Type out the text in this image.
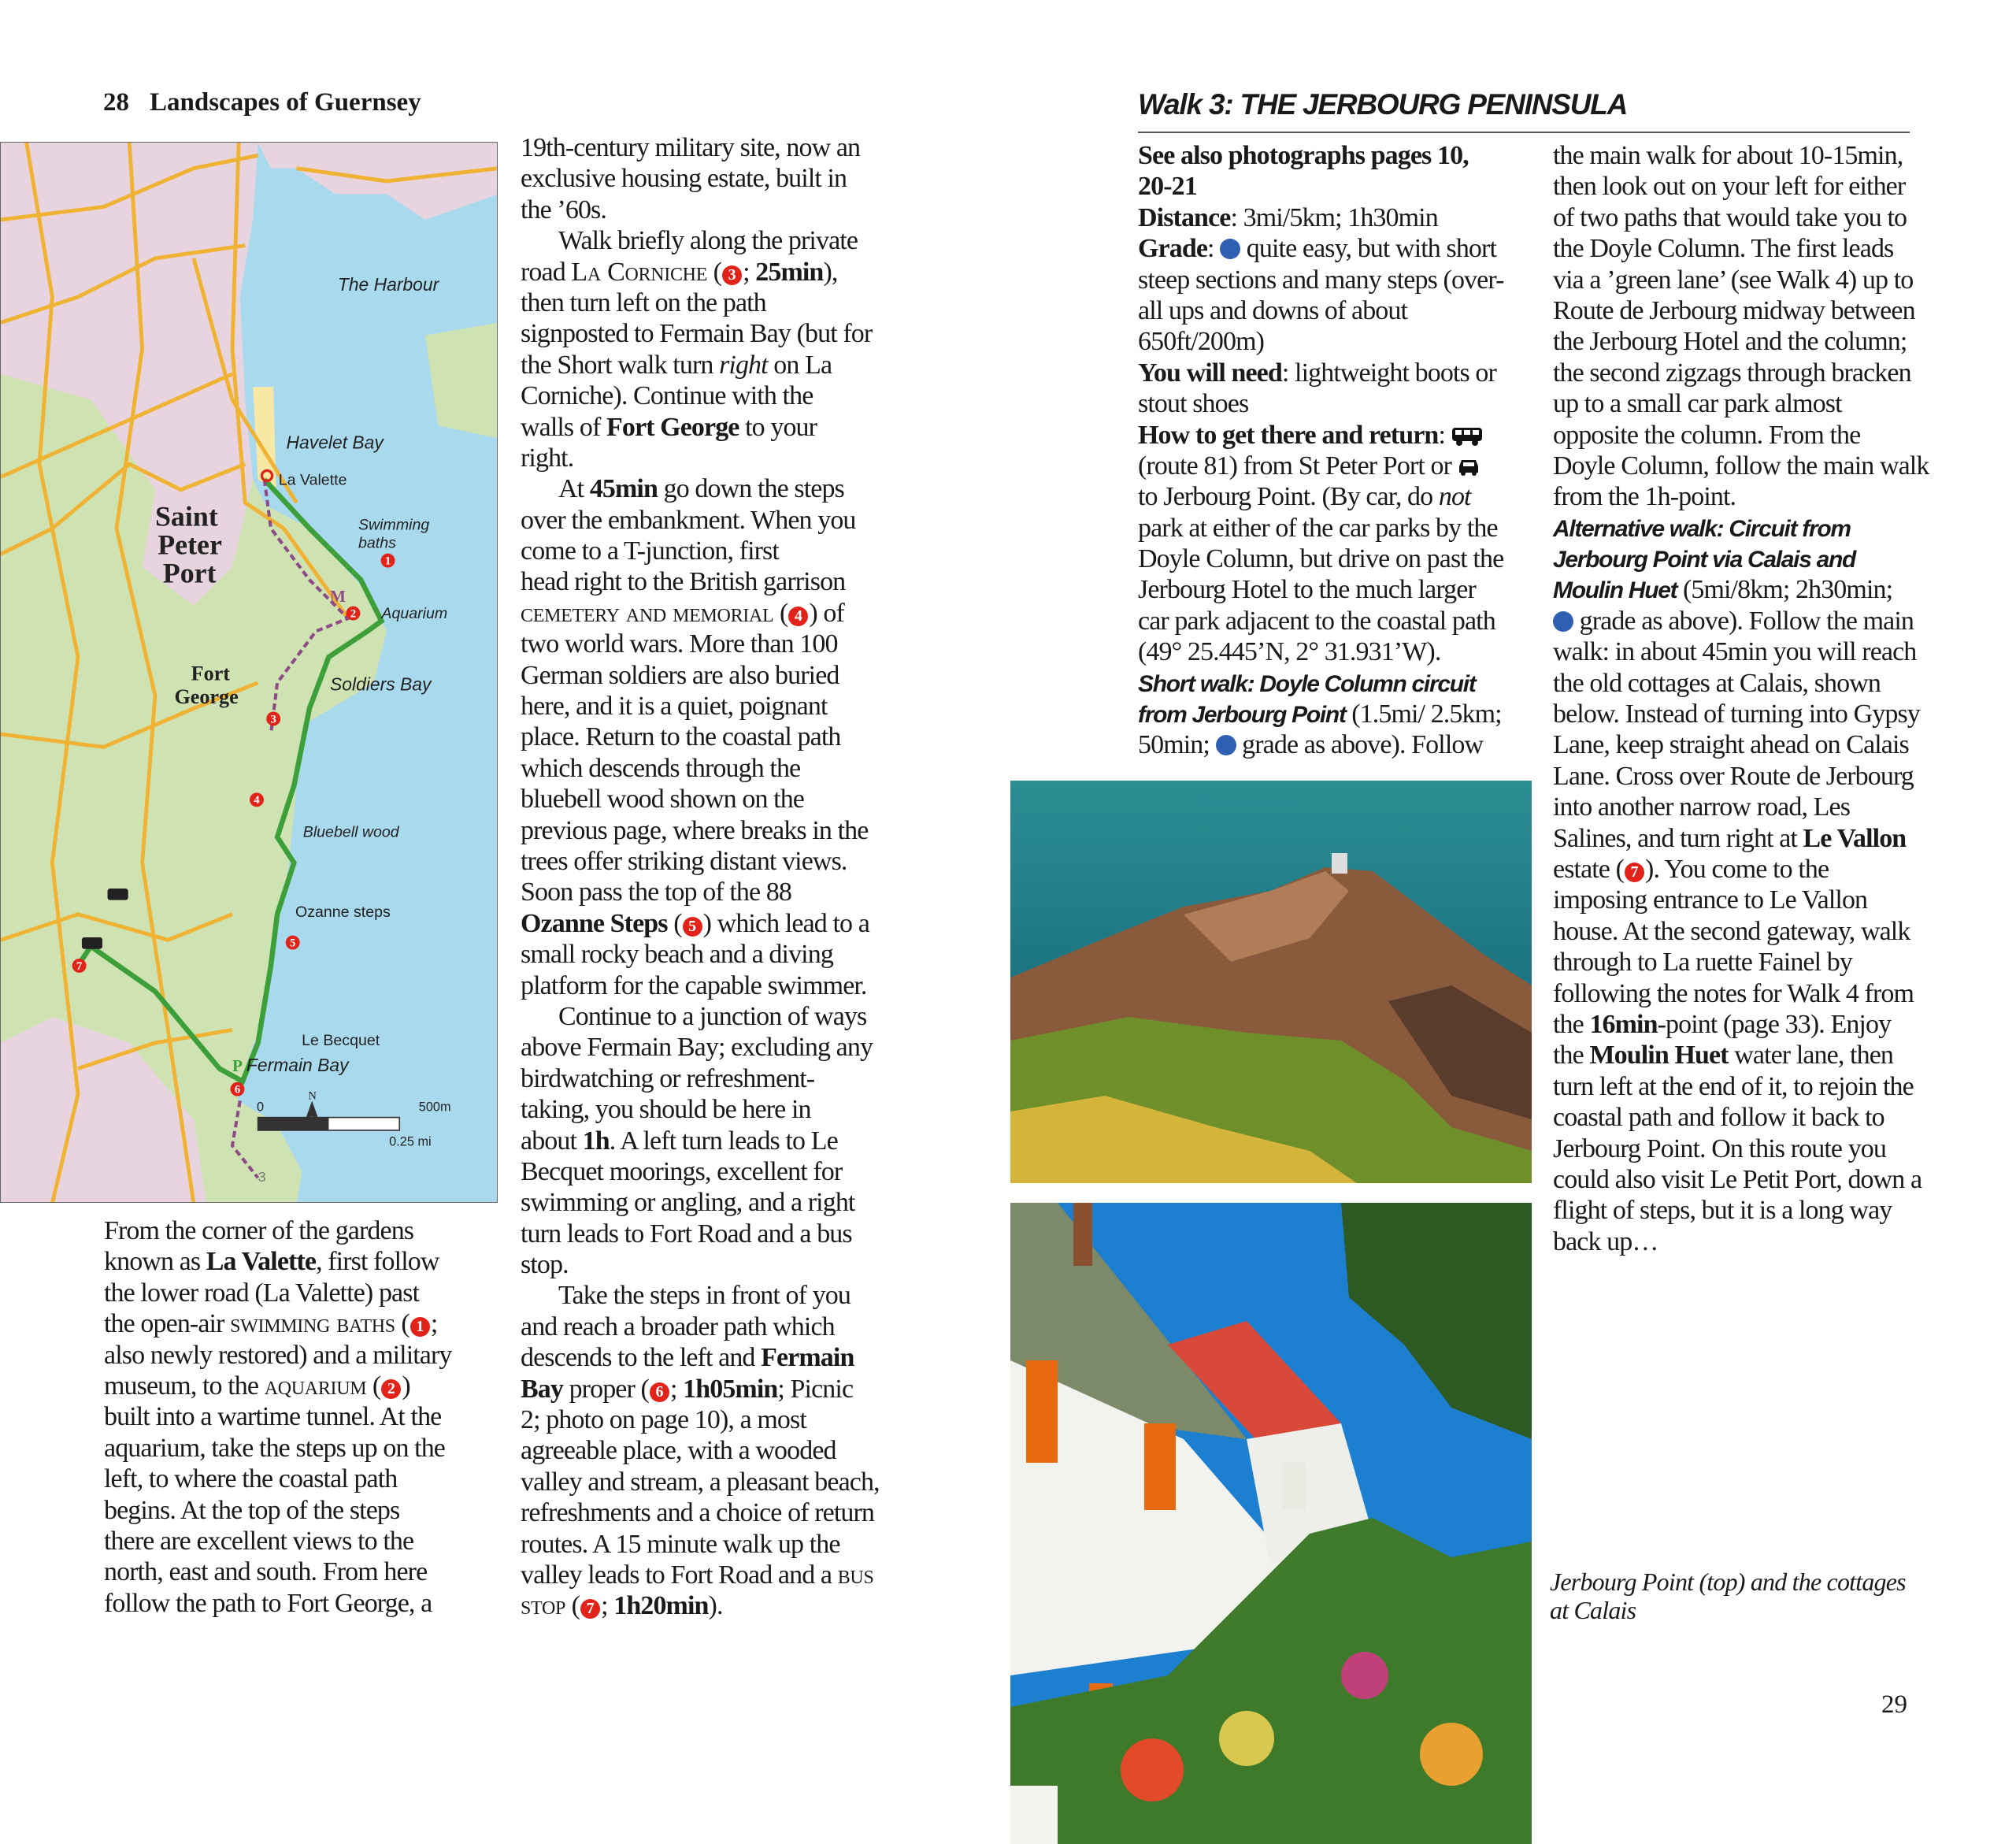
28 Landscapes of Guernsey
The Harbour
Havelet Bay
La Valette
Swimming
baths
Saint
Peter
Port
Aquarium
Soldiers Bay
Fort
George
Bluebell wood
Ozanne steps
Le Becquet
Fermain Bay
P
M
N
0	500m
0.25 mi
3
1
2
3
4
5
6
7
From the corner of the gardens
known as La Valette, first follow
the lower road (La Valette) past
the open-air swimming baths ( 1 ;
also newly restored) and a military
museum, to the aquarium ( 2 )
built into a wartime tunnel. At the
aquarium, take the steps up on the
left, to where the coastal path
begins. At the top of the steps
there are excellent views to the
north, east and south. From here
follow the path to Fort George, a
19th-century military site, now an
exclusive housing estate, built in
the ’60s.
Walk briefly along the private
road La Corniche ( 3 ; 25min),
then turn left on the path
signposted to Fermain Bay (but for
the Short walk turn right on La
Corniche). Continue with the
walls of Fort George to your
right.
At 45min go down the steps
over the embankment. When you
come to a T-junction, first
head right to the British garrison
cemetery and memorial ( 4 ) of
two world wars. More than 100
German soldiers are also buried
here, and it is a quiet, poignant
place. Return to the coastal path
which descends through the
bluebell wood shown on the
previous page, where breaks in the
trees offer striking distant views.
Soon pass the top of the 88
Ozanne Steps ( 5 ) which lead to a
small rocky beach and a diving
platform for the capable swimmer.
Continue to a junction of ways
above Fermain Bay; excluding any
birdwatching or refreshment-
taking, you should be here in
about 1h. A left turn leads to Le
Becquet moorings, excellent for
swimming or angling, and a right
turn leads to Fort Road and a bus
stop.
Take the steps in front of you
and reach a broader path which
descends to the left and Fermain
Bay proper ( 6 ; 1h05min; Picnic
2; photo on page 10), a most
agreeable place, with a wooded
valley and stream, a pleasant beach,
refreshments and a choice of return
routes. A 15 minute walk up the
valley leads to Fort Road and a bus
stop ( 7 ; 1h20min).
Walk 3: THE JERBOURG PENINSULA
See also photographs pages 10,
20-21
Distance: 3mi/5km; 1h30min
Grade:  quite easy, but with short
steep sections and many steps (over-
all ups and downs of about
650ft/200m)
You will need: lightweight boots or
stout shoes
How to get there and return:
(route 81) from St Peter Port or
to Jerbourg Point. (By car, do not
park at either of the car parks by the
Doyle Column, but drive on past the
Jerbourg Hotel to the much larger
car park adjacent to the coastal path
(49° 25.445’N, 2° 31.931’W).
Short walk: Doyle Column circuit
from Jerbourg Point (1.5mi/ 2.5km;
50min;  grade as above). Follow
the main walk for about 10-15min,
then look out on your left for either
of two paths that would take you to
the Doyle Column. The first leads
via a ’green lane’ (see Walk 4) up to
Route de Jerbourg midway between
the Jerbourg Hotel and the column;
the second zigzags through bracken
up to a small car park almost
opposite the column. From the
Doyle Column, follow the main walk
from the 1h-point.
Alternative walk: Circuit from
Jerbourg Point via Calais and
Moulin Huet (5mi/8km; 2h30min;
grade as above). Follow the main
walk: in about 45min you will reach
the old cottages at Calais, shown
below. Instead of turning into Gypsy
Lane, keep straight ahead on Calais
Lane. Cross over Route de Jerbourg
into another narrow road, Les
Salines, and turn right at Le Vallon
estate ( 7 ). You come to the
imposing entrance to Le Vallon
house. At the second gateway, walk
through to La ruette Fainel by
following the notes for Walk 4 from
the 16min-point (page 33). Enjoy
the Moulin Huet water lane, then
turn left at the end of it, to rejoin the
coastal path and follow it back to
Jerbourg Point. On this route you
could also visit Le Petit Port, down a
flight of steps, but it is a long way
back up…
Jerbourg Point (top) and the cottages
at Calais
29
